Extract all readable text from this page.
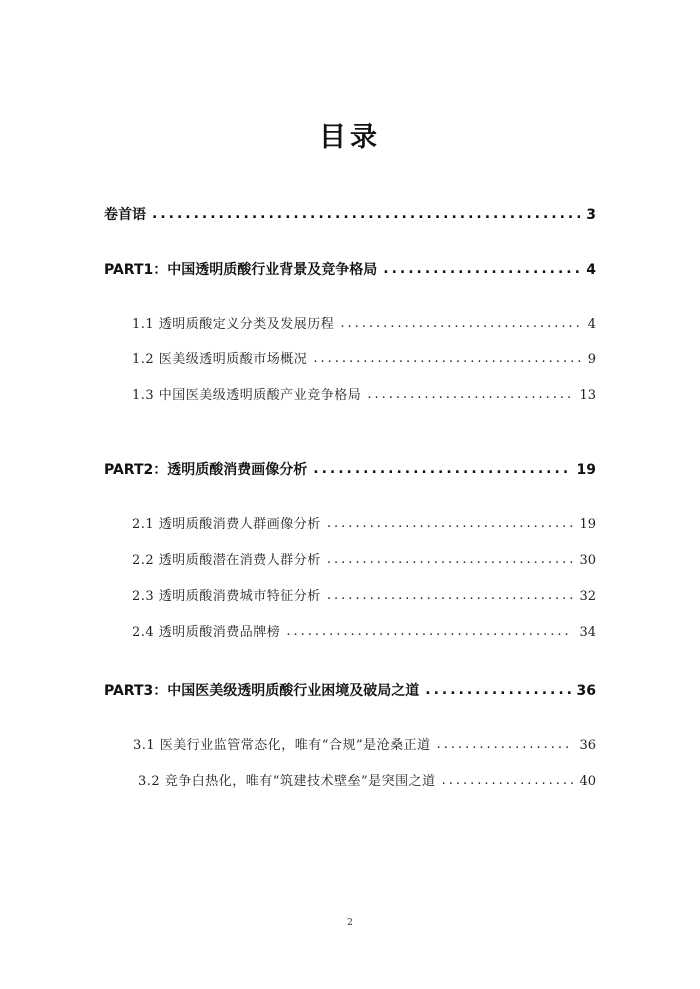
目录
卷首语 .....	3
PART1：中国透明质酸行业背景及竞争格局 .....	4
1.1 透明质酸定义分类及发展历程 .....	4
1.2 医美级透明质酸市场概况 .....	9
1.3 中国医美级透明质酸产业竞争格局 .....	13
PART2：透明质酸消费画像分析 .....	19
2.1 透明质酸消费人群画像分析 .....	19
2.2 透明质酸潜在消费人群分析 .....	30
2.3 透明质酸消费城市特征分析 .....	32
2.4 透明质酸消费品牌榜 .....	34
PART3：中国医美级透明质酸行业困境及破局之道 .....	36
3.1 医美行业监管常态化，唯有“合规”是沧桑正道 .....	36
3.2 竞争白热化，唯有“筑建技术壁垒”是突围之道 .....	40
2
